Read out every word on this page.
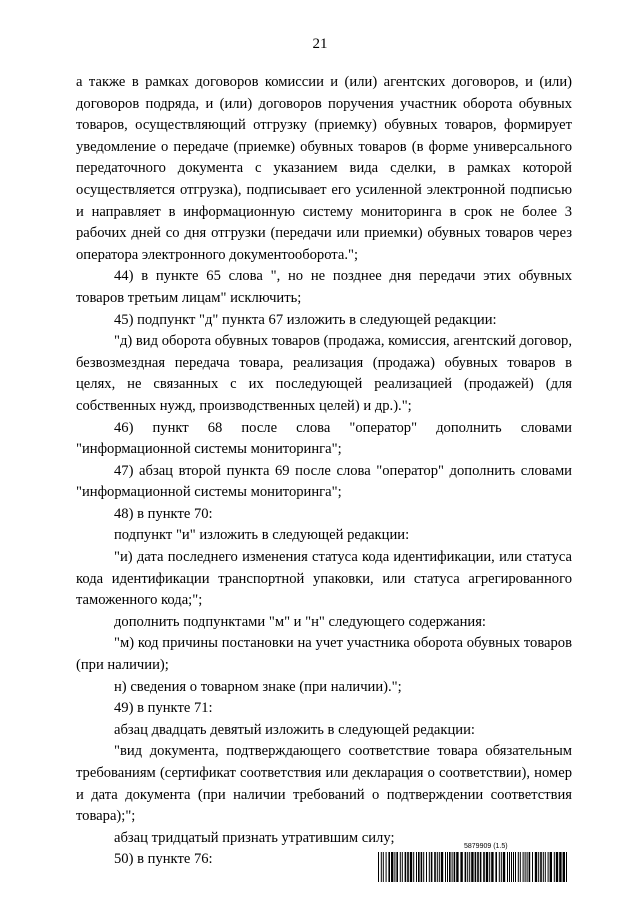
21

а также в рамках договоров комиссии и (или) агентских договоров, и (или) договоров подряда, и (или) договоров поручения участник оборота обувных товаров, осуществляющий отгрузку (приемку) обувных товаров, формирует уведомление о передаче (приемке) обувных товаров (в форме универсального передаточного документа с указанием вида сделки, в рамках которой осуществляется отгрузка), подписывает его усиленной электронной подписью и направляет в информационную систему мониторинга в срок не более 3 рабочих дней со дня отгрузки (передачи или приемки) обувных товаров через оператора электронного документооборота.";

44) в пункте 65 слова ", но не позднее дня передачи этих обувных товаров третьим лицам" исключить;

45) подпункт "д" пункта 67 изложить в следующей редакции:

"д) вид оборота обувных товаров (продажа, комиссия, агентский договор, безвозмездная передача товара, реализация (продажа) обувных товаров в целях, не связанных с их последующей реализацией (продажей) (для собственных нужд, производственных целей) и др.).";

46) пункт 68 после слова "оператор" дополнить словами "информационной системы мониторинга";

47) абзац второй пункта 69 после слова "оператор" дополнить словами "информационной системы мониторинга";

48) в пункте 70:

подпункт "и" изложить в следующей редакции:

"и) дата последнего изменения статуса кода идентификации, или статуса кода идентификации транспортной упаковки, или статуса агрегированного таможенного кода;";

дополнить подпунктами "м" и "н" следующего содержания:

"м) код причины постановки на учет участника оборота обувных товаров (при наличии);

н) сведения о товарном знаке (при наличии).";

49) в пункте 71:

абзац двадцать девятый изложить в следующей редакции:

"вид документа, подтверждающего соответствие товара обязательным требованиям (сертификат соответствия или декларация о соответствии), номер и дата документа (при наличии требований о подтверждении соответствия товара);";

абзац тридцатый признать утратившим силу;

50) в пункте 76:

5879909 (1.5)
